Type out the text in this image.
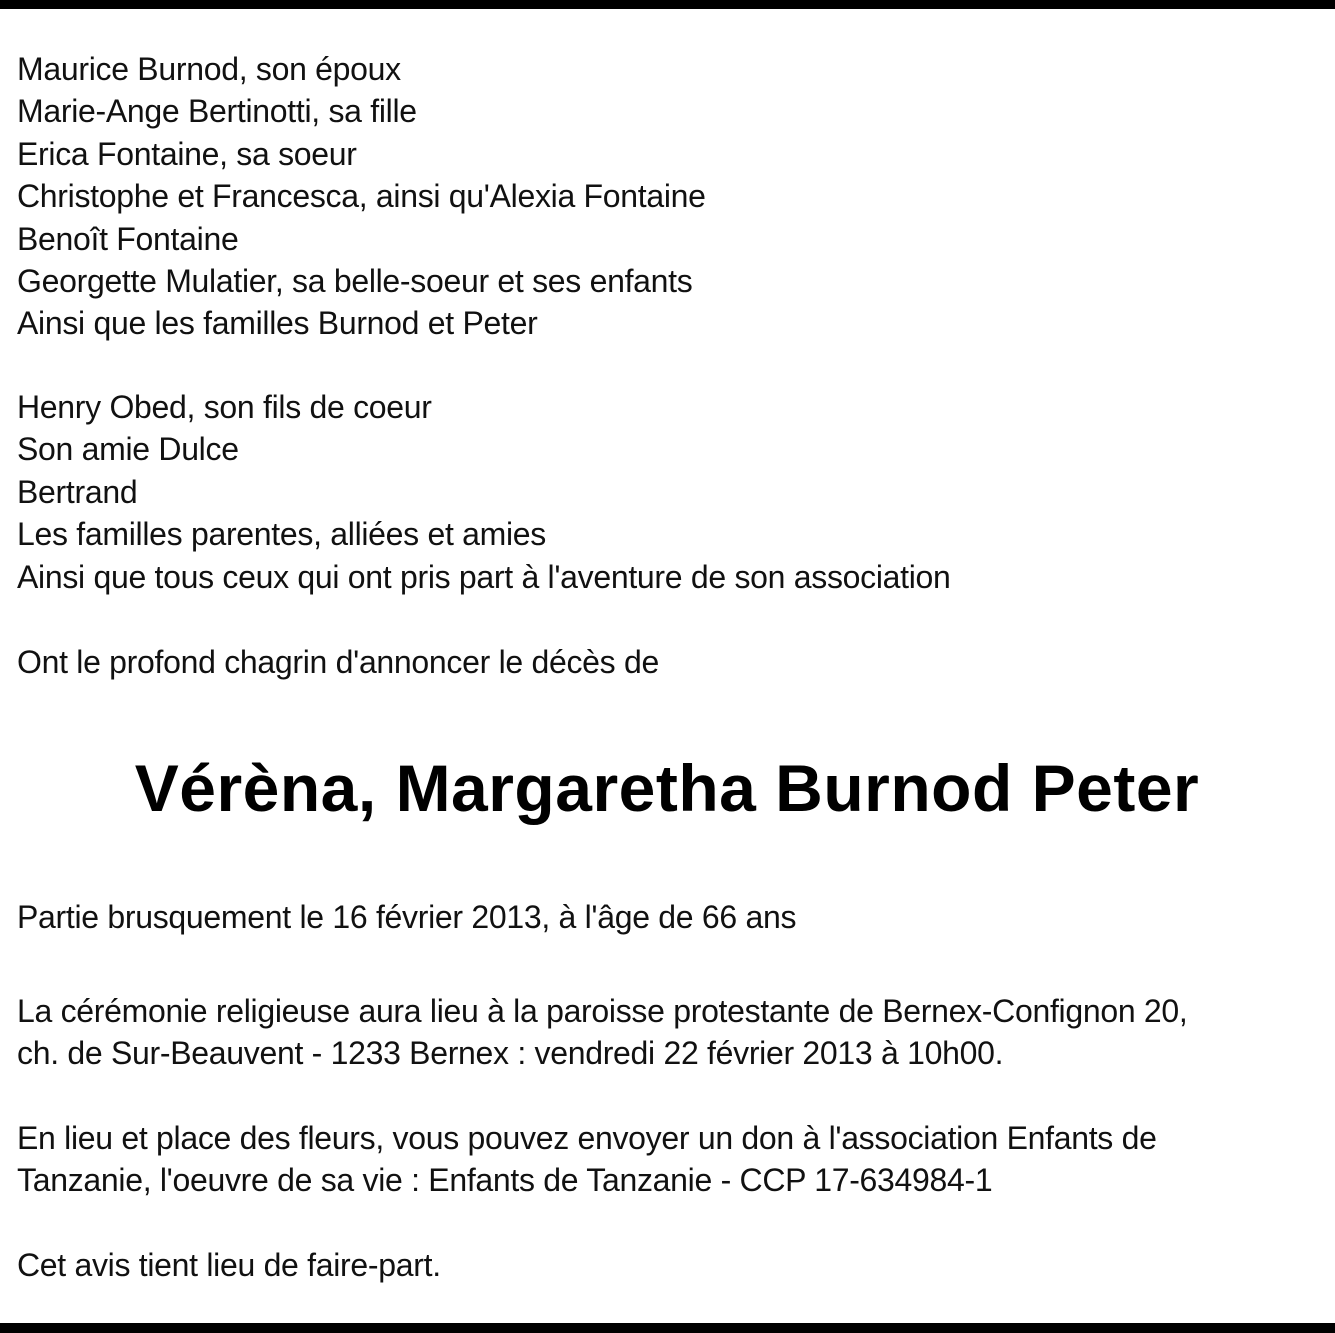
Maurice Burnod, son époux
Marie-Ange Bertinotti, sa fille
Erica Fontaine, sa soeur
Christophe et Francesca, ainsi qu'Alexia Fontaine
Benoît Fontaine
Georgette Mulatier, sa belle-soeur et ses enfants
Ainsi que les familles Burnod et Peter
Henry Obed, son fils de coeur
Son amie Dulce
Bertrand
Les familles parentes, alliées et amies
Ainsi que tous ceux qui ont pris part à l'aventure de son association
Ont le profond chagrin d'annoncer le décès de
Vérèna, Margaretha Burnod Peter
Partie brusquement le 16 février 2013, à l'âge de 66 ans
La cérémonie religieuse aura lieu à la paroisse protestante de Bernex-Confignon 20,
ch. de Sur-Beauvent - 1233 Bernex : vendredi 22 février 2013 à 10h00.
En lieu et place des fleurs, vous pouvez envoyer un don à l'association Enfants de
Tanzanie, l'oeuvre de sa vie : Enfants de Tanzanie - CCP 17-634984-1
Cet avis tient lieu de faire-part.
